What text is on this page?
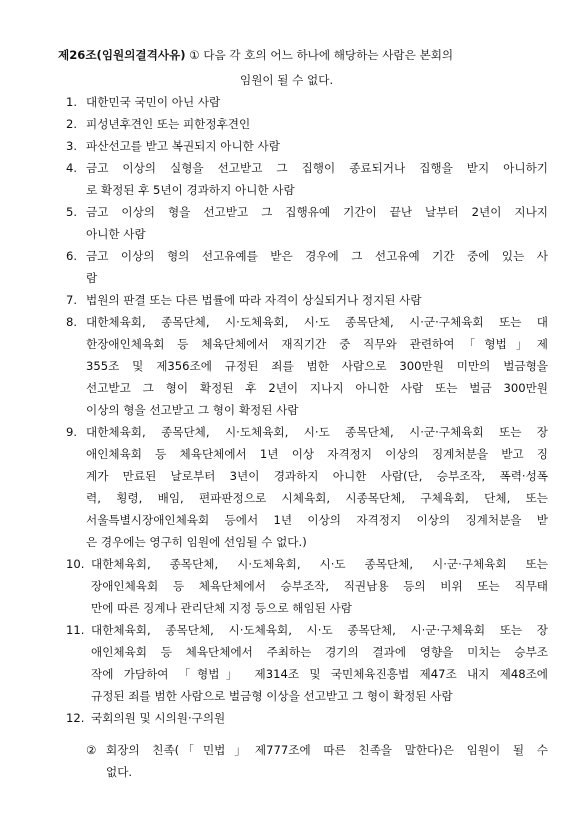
제26조(임원의결격사유) ① 다음 각 호의 어느 하나에 해당하는 사람은 본회의
임원이 될 수 없다.
1. 대한민국 국민이 아닌 사람
2. 피성년후견인 또는 피한정후견인
3. 파산선고를 받고 복권되지 아니한 사람
4. 금고 이상의 실형을 선고받고 그 집행이 종료되거나 집행을 받지 아니하기
로 확정된 후 5년이 경과하지 아니한 사람
5. 금고 이상의 형을 선고받고 그 집행유예 기간이 끝난 날부터 2년이 지나지
아니한 사람
6. 금고 이상의 형의 선고유예를 받은 경우에 그 선고유예 기간 중에 있는 사
람
7. 법원의 판결 또는 다른 법률에 따라 자격이 상실되거나 정지된 사람
8. 대한체육회, 종목단체, 시·도체육회, 시·도 종목단체, 시·군·구체육회 또는 대
한장애인체육회 등 체육단체에서 재직기간 중 직무와 관련하여「형법」제
355조 및 제356조에 규정된 죄를 범한 사람으로 300만원 미만의 벌금형을
선고받고 그 형이 확정된 후 2년이 지나지 아니한 사람 또는 벌금 300만원
이상의 형을 선고받고 그 형이 확정된 사람
9. 대한체육회, 종목단체, 시·도체육회, 시·도 종목단체, 시·군·구체육회 또는 장
애인체육회 등 체육단체에서 1년 이상 자격정지 이상의 징계처분을 받고 징
계가 만료된 날로부터 3년이 경과하지 아니한 사람(단, 승부조작, 폭력·성폭
력, 횡령, 배임, 편파판정으로 시체육회, 시종목단체, 구체육회, 단체, 또는
서울특별시장애인체육회 등에서 1년 이상의 자격정지 이상의 징계처분을 받
은 경우에는 영구히 임원에 선임될 수 없다.)
10. 대한체육회, 종목단체, 시·도체육회, 시·도 종목단체, 시·군·구체육회 또는
장애인체육회 등 체육단체에서 승부조작, 직권남용 등의 비위 또는 직무태
만에 따른 징계나 관리단체 지정 등으로 해임된 사람
11. 대한체육회, 종목단체, 시·도체육회, 시·도 종목단체, 시·군·구체육회 또는 장
애인체육회 등 체육단체에서 주최하는 경기의 결과에 영향을 미치는 승부조
작에 가담하여 「형법」 제314조 및 국민체육진흥법 제47조 내지 제48조에
규정된 죄를 범한 사람으로 벌금형 이상을 선고받고 그 형이 확정된 사람
12. 국회의원 및 시의원·구의원
② 회장의 친족(「민법」제777조에 따른 친족을 말한다)은 임원이 될 수
없다.
